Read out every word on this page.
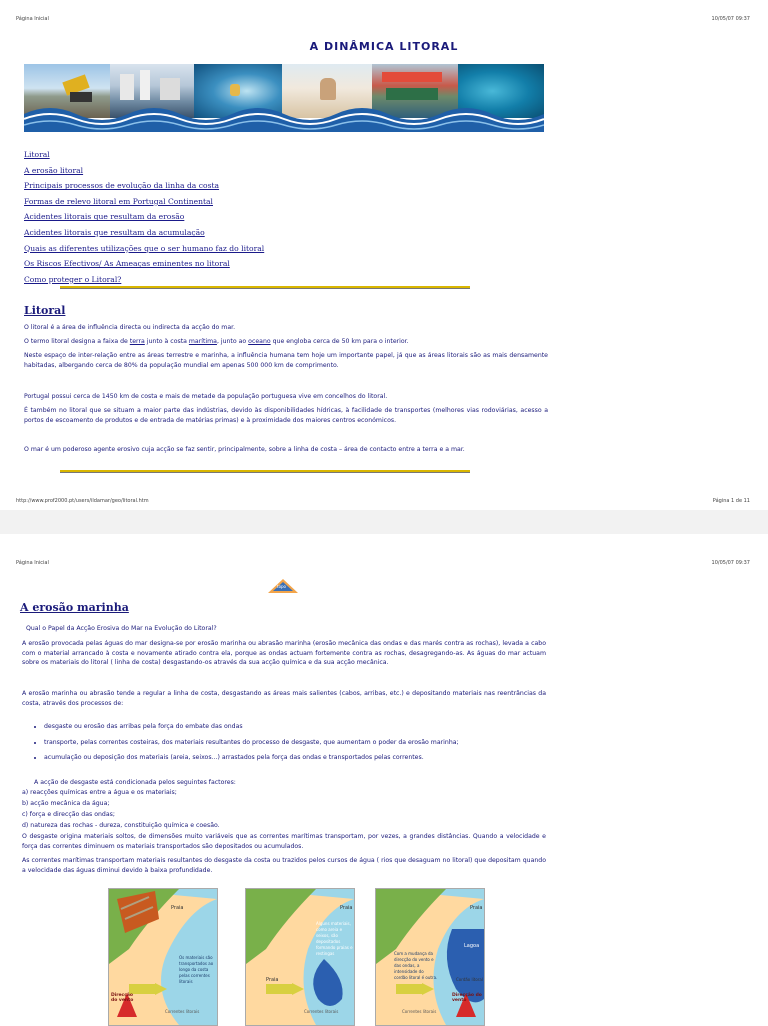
Página Inicial	10/05/07 09:37
A DINÂMICA LITORAL
Litoral
A erosão litoral
Principais processos de evolução da linha da costa
Formas de relevo litoral em Portugal Continental
Acidentes litorais que resultam da erosão
Acidentes litorais que resultam da acumulação
Quais as diferentes utilizações que o ser humano faz do litoral
Os Riscos Efectivos/ As Ameaças eminentes no litoral
Como proteger o Litoral?
Litoral
O litoral é a área de influência directa ou indirecta da acção do mar.
O termo litoral designa a faixa de terra junto à costa marítima, junto ao oceano que engloba cerca de 50 km para o interior.
Neste espaço de inter-relação entre as áreas terrestre e marinha, a influência humana tem hoje um importante papel, já que as áreas litorais são as mais densamente habitadas, albergando cerca de 80% da população mundial em apenas 500 000 km de comprimento.
Portugal possui cerca de 1450 km de costa e mais de metade da população portuguesa vive em concelhos do litoral.
É também no litoral que se situam a maior parte das indústrias, devido às disponibilidades hídricas, à facilidade de transportes (melhores vias rodoviárias, acesso a portos de escoamento de produtos e de entrada de matérias primas) e à proximidade dos maiores centros económicos.
O mar é um poderoso agente erosivo cuja acção se faz sentir, principalmente, sobre a linha de costa – área de contacto entre a terra e a mar.
http://www.prof2000.pt/users/ildamar/geo/litoral.htm	Página 1 de 11
Página Inicial	10/05/07 09:37
topo
A erosão marinha
Qual o Papel da Acção Erosiva do Mar na Evolução do Litoral?
A erosão provocada pelas águas do mar designa-se por erosão marinha ou abrasão marinha (erosão mecânica das ondas e das marés contra as rochas), levada a cabo com o material arrancado à costa e novamente atirado contra ela, porque as ondas actuam fortemente contra as rochas, desagregando-as. As águas do mar actuam sobre os materiais do litoral ( linha de costa) desgastando-os através da sua acção química e da sua acção mecânica.
A erosão marinha ou abrasão tende a regular a linha de costa, desgastando as áreas mais salientes (cabos, arribas, etc.) e depositando materiais nas reentrâncias da costa, através dos processos de:
• desgaste ou erosão das arribas pela força do embate das ondas
• transporte, pelas correntes costeiras, dos materiais resultantes do processo de desgaste, que aumentam o poder da erosão marinha;
• acumulação ou deposição dos materiais (areia, seixos...) arrastados pela força das ondas e transportados pelas correntes.
A acção de desgaste está condicionada pelos seguintes factores:
a) reacções químicas entre a água e os materiais;
b) acção mecânica da água;
c) força e direcção das ondas;
d) natureza das rochas - dureza, constituição química e coesão.
O desgaste origina materiais soltos, de dimensões muito variáveis que as correntes marítimas transportam, por vezes, a grandes distâncias. Quando a velocidade e força das correntes diminuem os materiais transportados são depositados ou acumulados.
As correntes marítimas transportam materiais resultantes do desgaste da costa ou trazidos pelos cursos de água ( rios que desaguam no litoral) que depositam quando a velocidade das águas diminui devido à baixa profundidade.
Praia
Os materiais são transportados ao longo da costa pelas correntes litorais
Direcção do vento
Correntes litorais
Praia
Praia
Alguns materiais, como areia e seixos, são depositados formando praias e restingas
Correntes litorais
Praia
Lagoa
Com a mudança da direcção do vento e das ondas, a intensidade do cordão litoral é outra.	Cordão litoral
Direcção do vento
Correntes litorais
